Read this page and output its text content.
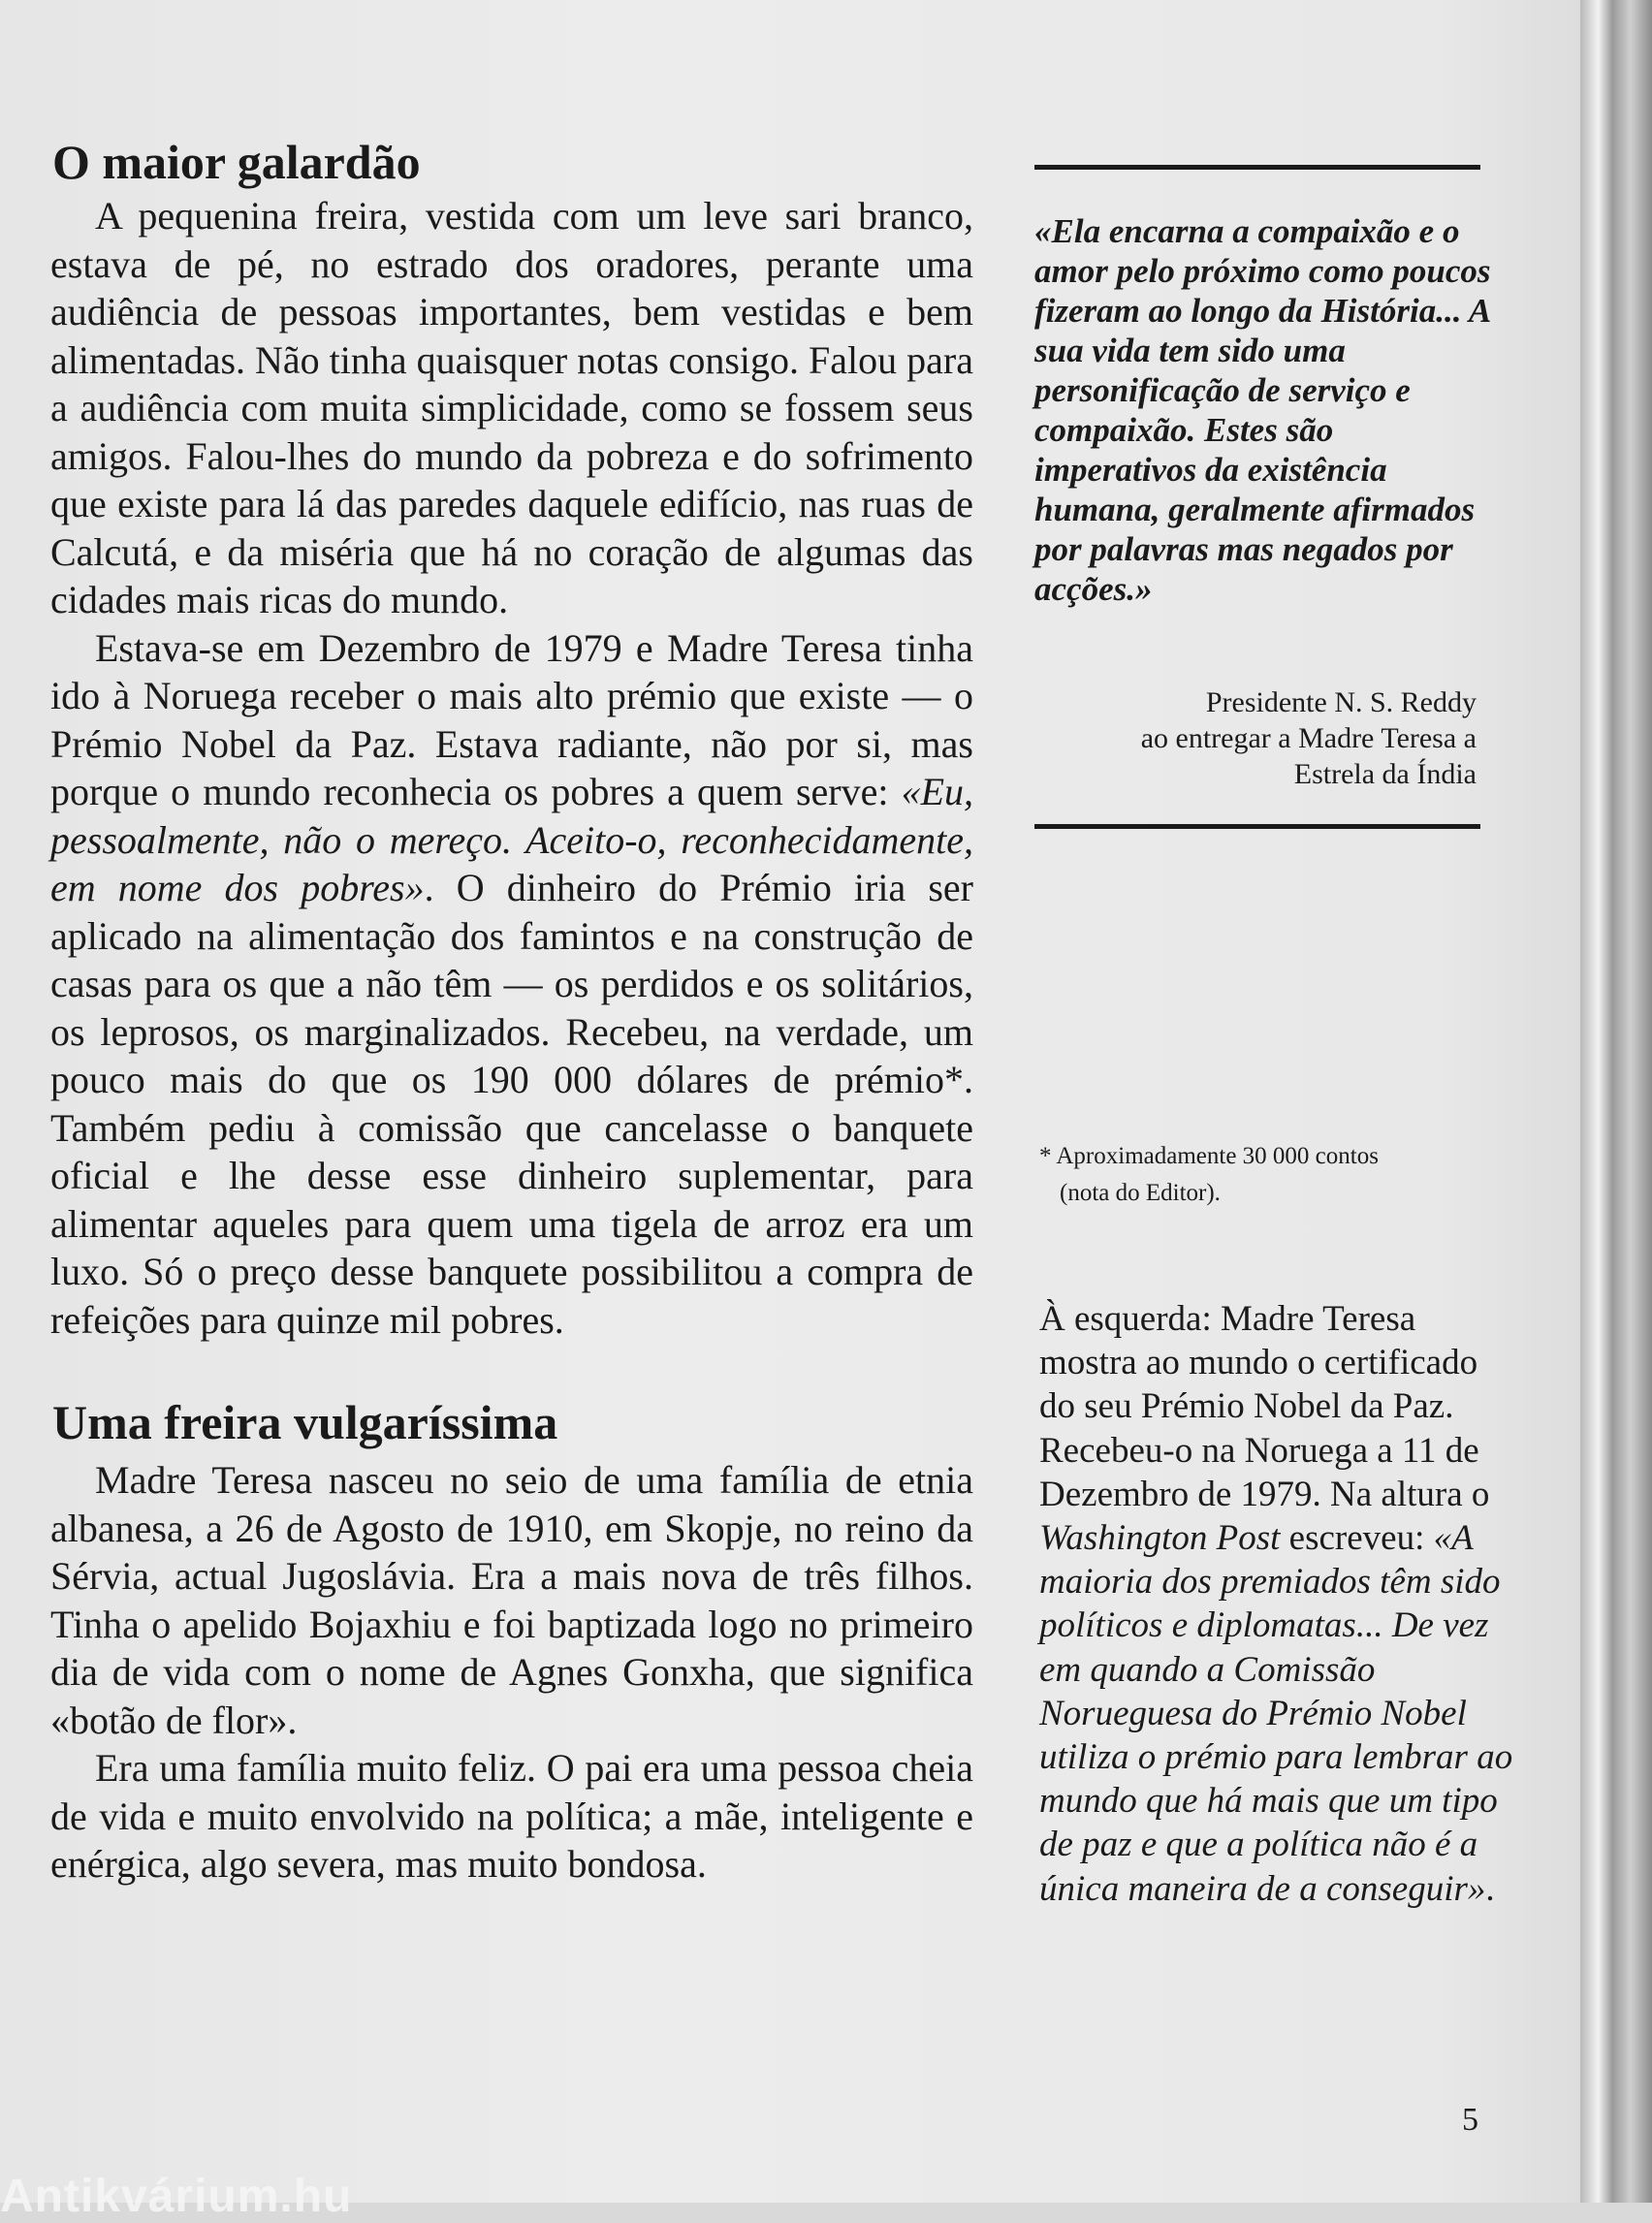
O maior galardão

A pequenina freira, vestida com um leve sari branco, estava de pé, no estrado dos oradores, perante uma audiência de pessoas importantes, bem vestidas e bem alimentadas. Não tinha quaisquer notas consigo. Falou para a audiência com muita simplicidade, como se fossem seus amigos. Falou-lhes do mundo da pobreza e do sofrimento que existe para lá das paredes daquele edifício, nas ruas de Calcutá, e da miséria que há no coração de algumas das cidades mais ricas do mundo.

Estava-se em Dezembro de 1979 e Madre Teresa tinha ido à Noruega receber o mais alto prémio que existe — o Prémio Nobel da Paz. Estava radiante, não por si, mas porque o mundo reconhecia os pobres a quem serve: «Eu, pessoalmente, não o mereço. Aceito-o, reconhecidamente, em nome dos pobres». O dinheiro do Prémio iria ser aplicado na alimentação dos famintos e na construção de casas para os que a não têm — os perdidos e os solitários, os leprosos, os marginalizados. Recebeu, na verdade, um pouco mais do que os 190 000 dólares de prémio*. Também pediu à comissão que cancelasse o banquete oficial e lhe desse esse dinheiro suplementar, para alimentar aqueles para quem uma tigela de arroz era um luxo. Só o preço desse banquete possibilitou a compra de refeições para quinze mil pobres.

Uma freira vulgaríssima

Madre Teresa nasceu no seio de uma família de etnia albanesa, a 26 de Agosto de 1910, em Skopje, no reino da Sérvia, actual Jugoslávia. Era a mais nova de três filhos. Tinha o apelido Bojaxhiu e foi baptizada logo no primeiro dia de vida com o nome de Agnes Gonxha, que significa «botão de flor».

Era uma família muito feliz. O pai era uma pessoa cheia de vida e muito envolvido na política; a mãe, inteligente e enérgica, algo severa, mas muito bondosa.

«Ela encarna a compaixão e o amor pelo próximo como poucos fizeram ao longo da História... A sua vida tem sido uma personificação de serviço e compaixão. Estes são imperativos da existência humana, geralmente afirmados por palavras mas negados por acções.»

Presidente N. S. Reddy
ao entregar a Madre Teresa a
Estrela da Índia
* Aproximadamente 30 000 contos
(nota do Editor).
À esquerda: Madre Teresa mostra ao mundo o certificado do seu Prémio Nobel da Paz. Recebeu-o na Noruega a 11 de Dezembro de 1979. Na altura o Washington Post escreveu: «A maioria dos premiados têm sido políticos e diplomatas... De vez em quando a Comissão Norueguesa do Prémio Nobel utiliza o prémio para lembrar ao mundo que há mais que um tipo de paz e que a política não é a única maneira de a conseguir».
5
Antikvárium.hu
